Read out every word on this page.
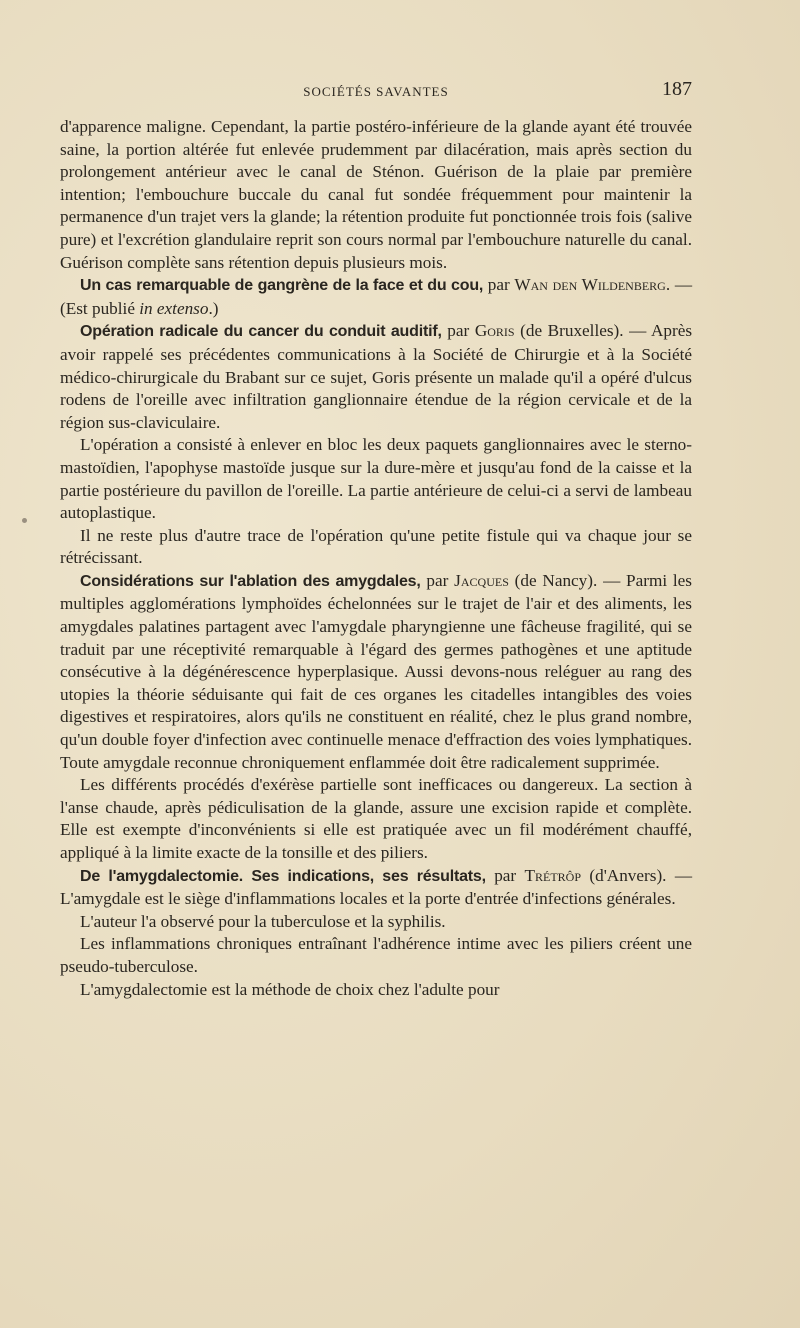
SOCIÉTÉS SAVANTES	187

d'apparence maligne. Cependant, la partie postéro-inférieure de la glande ayant été trouvée saine, la portion altérée fut enlevée prudemment par dilacération, mais après section du prolongement antérieur avec le canal de Sténon. Guérison de la plaie par première intention; l'embouchure buccale du canal fut sondée fréquemment pour maintenir la permanence d'un trajet vers la glande; la rétention produite fut ponctionnée trois fois (salive pure) et l'excrétion glandulaire reprit son cours normal par l'embouchure naturelle du canal. Guérison complète sans rétention depuis plusieurs mois.

Un cas remarquable de gangrène de la face et du cou, par Wan den Wildenberg. — (Est publié in extenso.)

Opération radicale du cancer du conduit auditif, par Goris (de Bruxelles). — Après avoir rappelé ses précédentes communications à la Société de Chirurgie et à la Société médico-chirurgicale du Brabant sur ce sujet, Goris présente un malade qu'il a opéré d'ulcus rodens de l'oreille avec infiltration ganglionnaire étendue de la région cervicale et de la région sus-claviculaire.

L'opération a consisté à enlever en bloc les deux paquets ganglionnaires avec le sterno-mastoïdien, l'apophyse mastoïde jusque sur la dure-mère et jusqu'au fond de la caisse et la partie postérieure du pavillon de l'oreille. La partie antérieure de celui-ci a servi de lambeau autoplastique.

Il ne reste plus d'autre trace de l'opération qu'une petite fistule qui va chaque jour se rétrécissant.

Considérations sur l'ablation des amygdales, par Jacques (de Nancy). — Parmi les multiples agglomérations lymphoïdes échelonnées sur le trajet de l'air et des aliments, les amygdales palatines partagent avec l'amygdale pharyngienne une fâcheuse fragilité, qui se traduit par une réceptivité remarquable à l'égard des germes pathogènes et une aptitude consécutive à la dégénérescence hyperplasique. Aussi devons-nous reléguer au rang des utopies la théorie séduisante qui fait de ces organes les citadelles intangibles des voies digestives et respiratoires, alors qu'ils ne constituent en réalité, chez le plus grand nombre, qu'un double foyer d'infection avec continuelle menace d'effraction des voies lymphatiques. Toute amygdale reconnue chroniquement enflammée doit être radicalement supprimée.

Les différents procédés d'exérèse partielle sont inefficaces ou dangereux. La section à l'anse chaude, après pédiculisation de la glande, assure une excision rapide et complète. Elle est exempte d'inconvénients si elle est pratiquée avec un fil modérément chauffé, appliqué à la limite exacte de la tonsille et des piliers.

De l'amygdalectomie. Ses indications, ses résultats, par Trétrôp (d'Anvers). — L'amygdale est le siège d'inflammations locales et la porte d'entrée d'infections générales.

L'auteur l'a observé pour la tuberculose et la syphilis.

Les inflammations chroniques entraînant l'adhérence intime avec les piliers créent une pseudo-tuberculose.

L'amygdalectomie est la méthode de choix chez l'adulte pour
